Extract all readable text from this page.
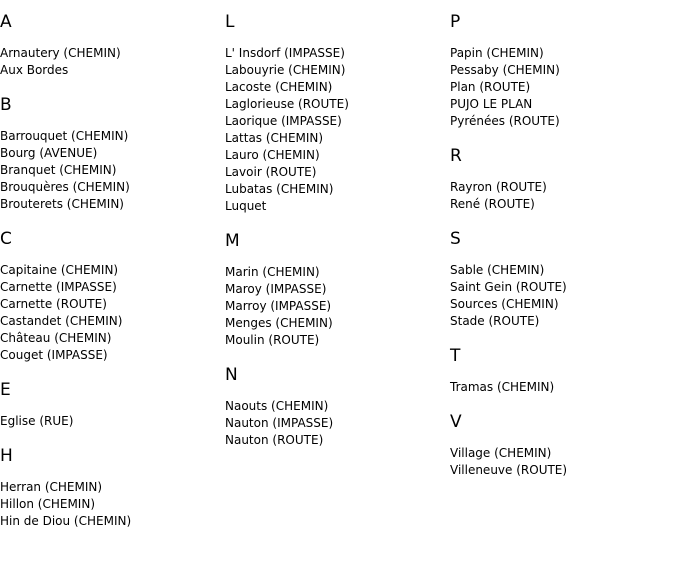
A
Arnautery (CHEMIN)
Aux Bordes
B
Barrouquet (CHEMIN)
Bourg (AVENUE)
Branquet (CHEMIN)
Brouquères (CHEMIN)
Brouterets (CHEMIN)
C
Capitaine (CHEMIN)
Carnette (IMPASSE)
Carnette (ROUTE)
Castandet (CHEMIN)
Château (CHEMIN)
Couget (IMPASSE)
E
Eglise (RUE)
H
Herran (CHEMIN)
Hillon (CHEMIN)
Hin de Diou (CHEMIN)
L
L' Insdorf (IMPASSE)
Labouyrie (CHEMIN)
Lacoste (CHEMIN)
Laglorieuse (ROUTE)
Laorique (IMPASSE)
Lattas (CHEMIN)
Lauro (CHEMIN)
Lavoir (ROUTE)
Lubatas (CHEMIN)
Luquet
M
Marin (CHEMIN)
Maroy (IMPASSE)
Marroy (IMPASSE)
Menges (CHEMIN)
Moulin (ROUTE)
N
Naouts (CHEMIN)
Nauton (IMPASSE)
Nauton (ROUTE)
P
Papin (CHEMIN)
Pessaby (CHEMIN)
Plan (ROUTE)
PUJO LE PLAN
Pyrénées (ROUTE)
R
Rayron (ROUTE)
René (ROUTE)
S
Sable (CHEMIN)
Saint Gein (ROUTE)
Sources (CHEMIN)
Stade (ROUTE)
T
Tramas (CHEMIN)
V
Village (CHEMIN)
Villeneuve (ROUTE)
